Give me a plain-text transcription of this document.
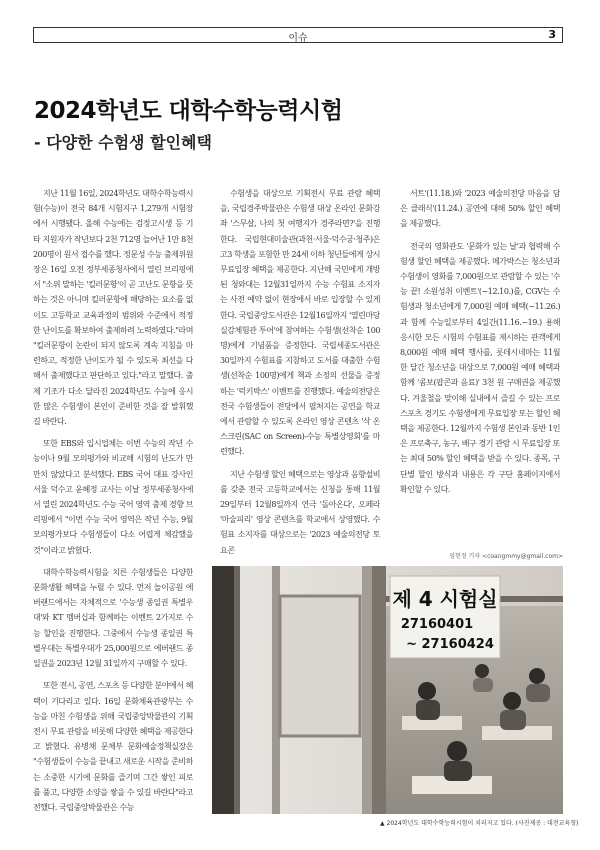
이슈	3
2024학년도 대학수학능력시험
- 다양한 수험생 할인혜택

지난 11월 16일, 2024학년도 대학수학능력시험(수능)이 전국 84개 시험지구 1,279개 시험장에서 시행됐다. 올해 수능에는 검정고시생 등 기타 지원자가 작년보다 2천 712명 늘어난 1만 8천 200명이 원서 접수를 했다. 정문성 수능 출제위원장은 16일 오전 정부세종청사에서 열린 브리핑에서 "소위 말하는 '킬러문항'이 곧 고난도 문항을 뜻하는 것은 아니며 킬러문항에 해당하는 요소를 없이도 고등학교 교육과정의 범위와 수준에서 적정한 난이도를 확보하여 출제하려 노력하였다."라며 "킬러문항이 논란이 되지 않도록 계속 지침을 마련하고, 적정한 난이도가 될 수 있도록 최선을 다해서 출제했다고 판단하고 있다."라고 말했다. 출제 기조가 다소 달라진 2024학년도 수능에 응시한 많은 수험생이 본인이 준비한 것을 잘 발휘했길 바란다.

또한 EBS와 입시업체는 이번 수능의 작년 수능이나 9월 모의평가와 비교해 시험의 난도가 만만치 않았다고 분석했다. EBS 국어 대표 강사인 서울 덕수고 윤혜정 교사는 이날 정부세종청사에서 열린 2024학년도 수능 국어 영역 출제 경향 브리핑에서 "이번 수능 국어 영역은 작년 수능, 9월 모의평가보다 수험생들이 다소 어렵게 체감했을 것"이라고 밝혔다.

대학수학능력시험을 치른 수험생들은 다양한 문화생활 혜택을 누릴 수 있다. 먼저 놀이공원 에버랜드에서는 자체적으로 '수능생 종일권 특별우대'와 KT 멤버십과 함께하는 이벤트 2가지로 수능 할인을 진행한다. 그중에서 수능생 종일권 특별우대는 특별우대가 25,000원으로 에버랜드 종일권을 2023년 12월 31일까지 구매할 수 있다.

또한 전시, 공연, 스포츠 등 다양한 분야에서 혜택이 기다리고 있다. 16일 문화체육관광부는 수능을 마친 수험생을 위해 국립중앙박물관의 기획전시 무료 관람을 비롯해 다양한 혜택을 제공한다고 밝혔다. 유병채 문체부 문화예술정책실장은 "수험생들이 수능을 끝내고 새로운 시작을 준비하는 소중한 시기에 문화를 즐기며 그간 쌓인 피로를 풀고, 다양한 소양을 쌓을 수 있길 바란다"라고 전했다. 국립중앙박물관은 수능

수험생을 대상으로 기획전시 무료 관람 혜택을, 국립경주박물관은 수험생 대상 온라인 문화강좌 '스무살, 나의 첫 여행지가 경주라면?'을 진행한다. 국립현대미술관(과천·서울·덕수궁·청주)은 고3 학생을 포함한 만 24세 이하 청년들에게 상시 무료입장 혜택을 제공한다. 지난해 국민에게 개방된 청와대는 12월31일까지 수능 수험표 소지자는 사전 예약 없이 현장에서 바로 입장할 수 있게 한다. 국립중앙도서관은 12월16일까지 '열린마당 실감체험관 투어'에 참여하는 수험생(선착순 100명)에게 기념품을 증정한다. 국립세종도서관은 30일까지 수험표를 지참하고 도서를 대출한 수험생(선착순 100명)에게 책과 소정의 선물을 증정하는 '럭키박스' 이벤트를 진행했다. 예술의전당은 전국 수험생들이 전당에서 펼쳐지는 공연을 학교에서 관람할 수 있도록 온라인 영상 콘텐츠 '삭 온 스크린(SAC on Screen)-수능 특별상영회'를 마련했다.

지난 수험생 할인 혜택으로는 영상과 음향설비를 갖춘 전국 고등학교에서는 신청을 통해 11월 29일부터 12월8일까지 연극 '돌아온다', 오페라 '마술피리' 영상 콘텐츠를 학교에서 상영했다. 수험표 소지자를 대상으로는 '2023 예술의전당 토요콘

서트'(11.18.)와 '2023 예술의전당 마음을 담은 클래식'(11.24.) 공연에 대해 50% 할인 혜택을 제공했다.

전국의 영화관도 '문화가 있는 날'과 협력해 수험생 할인 혜택을 제공했다. 메가박스는 청소년과 수험생이 영화를 7,000원으로 관람할 수 있는 '수능 끝! 소원성취 이벤트'(~12.10.)를, CGV는 수험생과 청소년에게 7,000원 예매 혜택(~11.26.)과 함께 수능일로부터 4일간(11.16.~19.) 용해 응시한 모든 시험의 수험표를 제시하는 관객에게 8,000원 예매 혜택 행사를, 롯데시네마는 11월 한 달간 청소년을 대상으로 7,000원 예매 혜택과 함께 '콤보(팝콘과 음료)' 3천 원 구매권을 제공했다. 겨울철을 맞이해 실내에서 즐길 수 있는 프로스포츠 경기도 수험생에게 무료입장 또는 할인 혜택을 제공한다. 12월까지 수험생 본인과 동반 1인은 프로축구, 농구, 배구 경기 관람 시 무료입장 또는 최대 50% 할인 혜택을 받을 수 있다. 종목, 구단별 할인 방식과 내용은 각 구단 홈페이지에서 확인할 수 있다.

임현정 기자 <coangmmy@gmail.com>
제 4 시험실
27160401
~ 27160424
▲ 2024학년도 대학수학능력시험이 치러지고 있다. (사진제공 : 대전교육청)
